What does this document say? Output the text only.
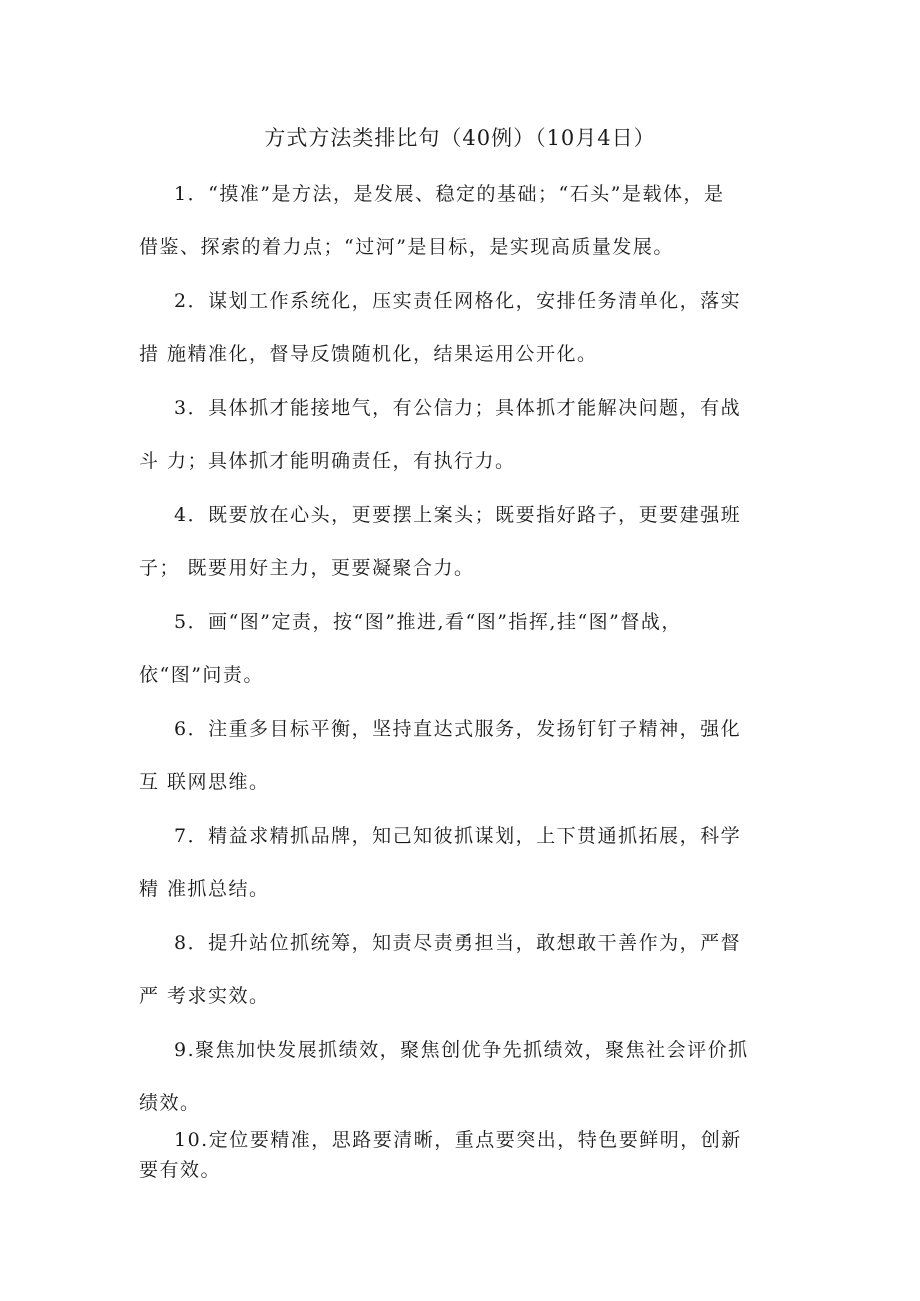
方式方法类排比句（40例）（10月4日）
1．“摸准”是方法，是发展、稳定的基础；“石头”是载体，是
借鉴、探索的着力点；“过河”是目标，是实现高质量发展。
2．谋划工作系统化，压实责任网格化，安排任务清单化，落实
措 施精准化，督导反馈随机化，结果运用公开化。
3．具体抓才能接地气，有公信力；具体抓才能解决问题，有战
斗 力；具体抓才能明确责任，有执行力。
4．既要放在心头，更要摆上案头；既要指好路子，更要建强班
子； 既要用好主力，更要凝聚合力。
5．画“图”定责，按“图”推进,看“图”指挥,挂“图”督战，
依“图”问责。
6．注重多目标平衡，坚持直达式服务，发扬钉钉子精神，强化
互 联网思维。
7．精益求精抓品牌，知己知彼抓谋划，上下贯通抓拓展，科学
精 准抓总结。
8．提升站位抓统筹，知责尽责勇担当，敢想敢干善作为，严督
严 考求实效。
9.聚焦加快发展抓绩效，聚焦创优争先抓绩效，聚焦社会评价抓
绩效。
10.定位要精准，思路要清晰，重点要突出，特色要鲜明，创新
要有效。
